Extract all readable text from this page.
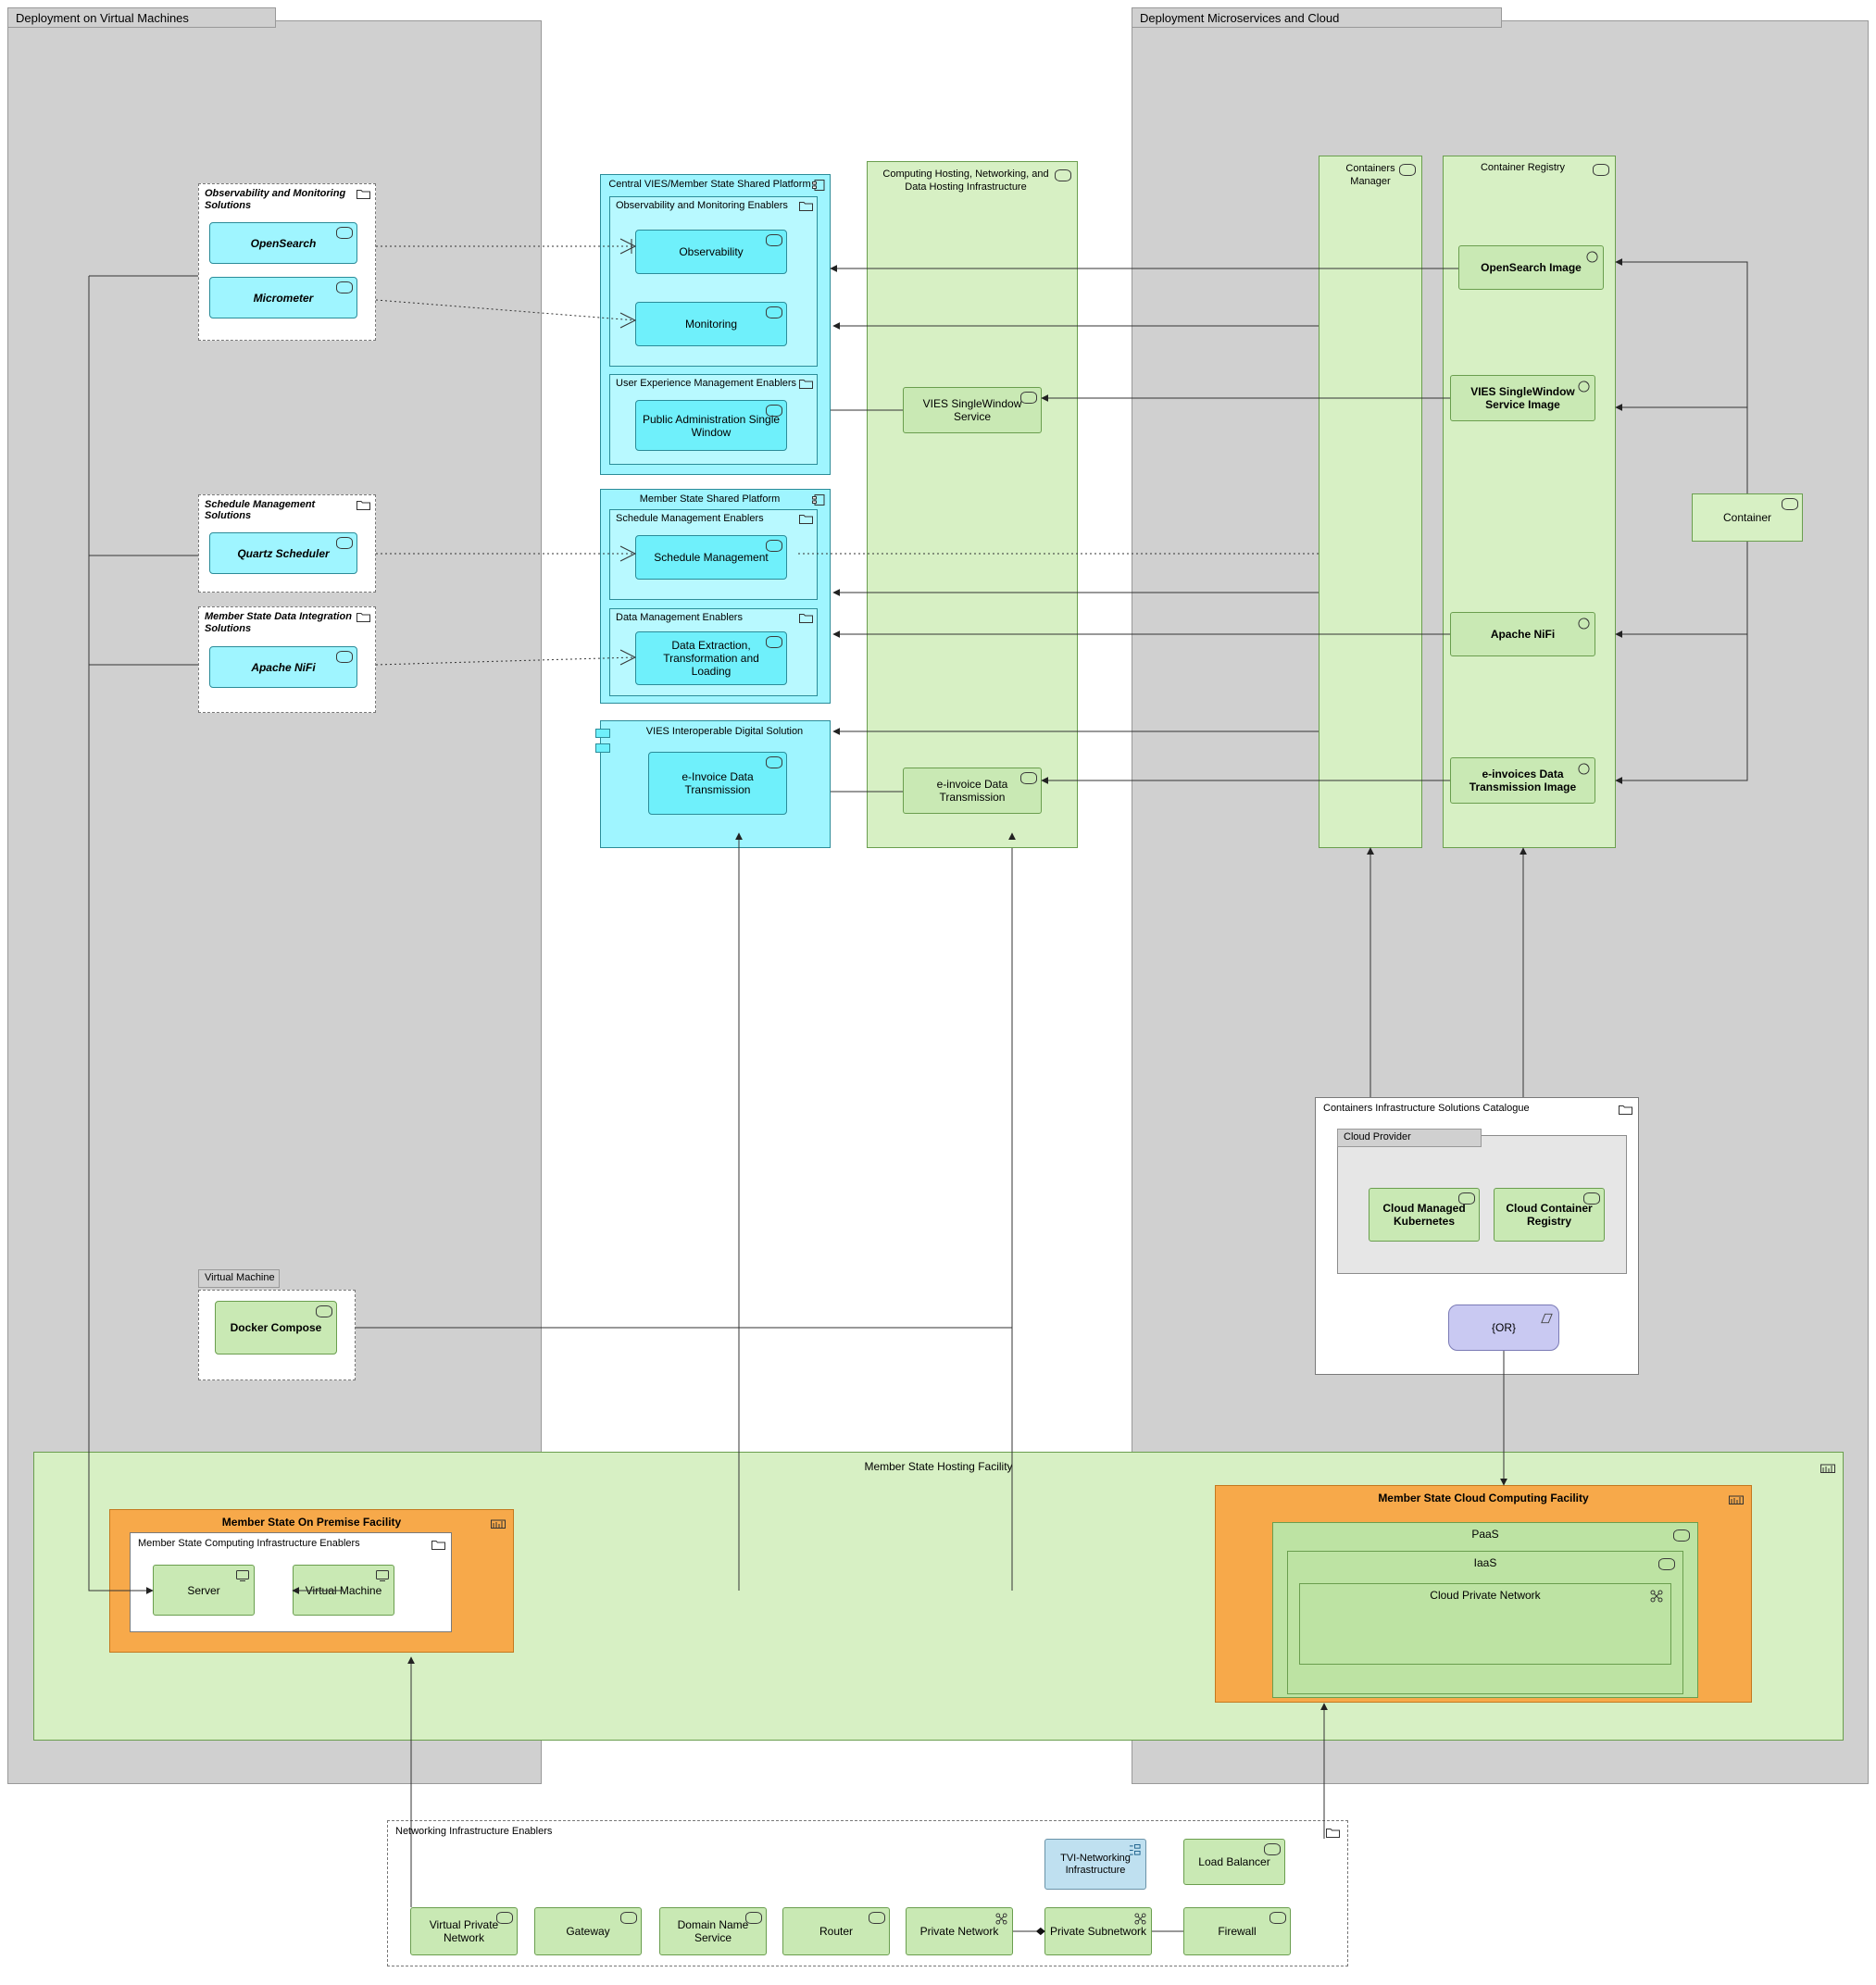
Deployment on Virtual Machines	Deployment Microservices and Cloud
Observability and Monitoring Solutions
OpenSearch
Micrometer
Schedule Management Solutions
Quartz Scheduler
Member State Data Integration Solutions
Apache NiFi
Virtual Machine
Docker Compose
Central VIES/Member State Shared Platform
Observability and Monitoring Enablers
Observability
Monitoring
User Experience Management Enablers
Public Administration Single Window
Member State Shared Platform
Schedule Management Enablers
Schedule Management
Data Management Enablers
Data Extraction, Transformation and Loading
VIES Interoperable Digital Solution
e-Invoice Data Transmission
Computing Hosting, Networking, and Data Hosting Infrastructure
VIES SingleWindow Service
e-invoice Data Transmission
Containers Manager
Container Registry
OpenSearch Image
VIES SingleWindow Service Image
Apache NiFi
e-invoices Data Transmission Image
Container
Containers Infrastructure Solutions Catalogue
Cloud Provider
Cloud Managed Kubernetes
Cloud Container Registry
{OR}
Member State Hosting Facility
Member State On Premise Facility
Member State Computing Infrastructure Enablers
Server	Virtual Machine
Member State Cloud Computing Facility
PaaS
IaaS
Cloud Private Network
Networking Infrastructure Enablers
TVI-Networking Infrastructure
Load Balancer
Virtual Private Network	Gateway	Domain Name Service	Router	Private Network	Private Subnetwork	Firewall
